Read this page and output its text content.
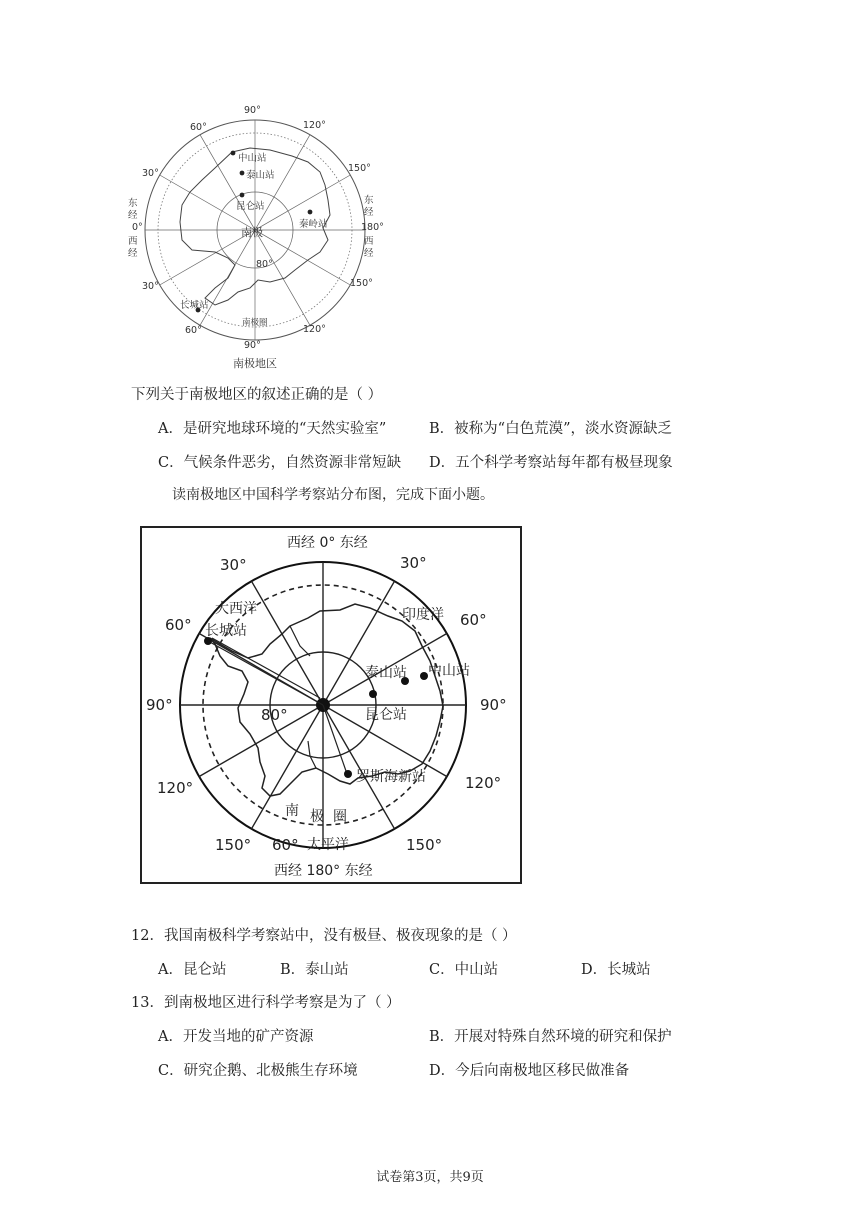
90°
120°
150°
180°
150°
120°
90°
60°
30°
0°
30°
60°
东经
西经
东经
西经
80°
南极
中山站
泰山站
昆仑站
秦岭站
长城站
南极圈
南极地区
下列关于南极地区的叙述正确的是（ ）
A．是研究地球环境的“天然实验室”	B．被称为“白色荒漠”，淡水资源缺乏
C．气候条件恶劣，自然资源非常短缺 D．五个科学考察站每年都有极昼现象
读南极地区中国科学考察站分布图，完成下面小题。
西经 0° 东经
西经 180° 东经
30°	30°
60°	60°
90°	90°
120°	120°
150°	150°
80°
60°
大西洋	印度洋
太平洋
南 极 圈
长城站
泰山站 中山站
昆仑站
罗斯海新站
12．我国南极科学考察站中，没有极昼、极夜现象的是（ ）
A．昆仑站	B．泰山站	C．中山站	D．长城站
13．到南极地区进行科学考察是为了（ ）
A．开发当地的矿产资源	B．开展对特殊自然环境的研究和保护
C．研究企鹅、北极熊生存环境	D．今后向南极地区移民做准备
试卷第3页，共9页
